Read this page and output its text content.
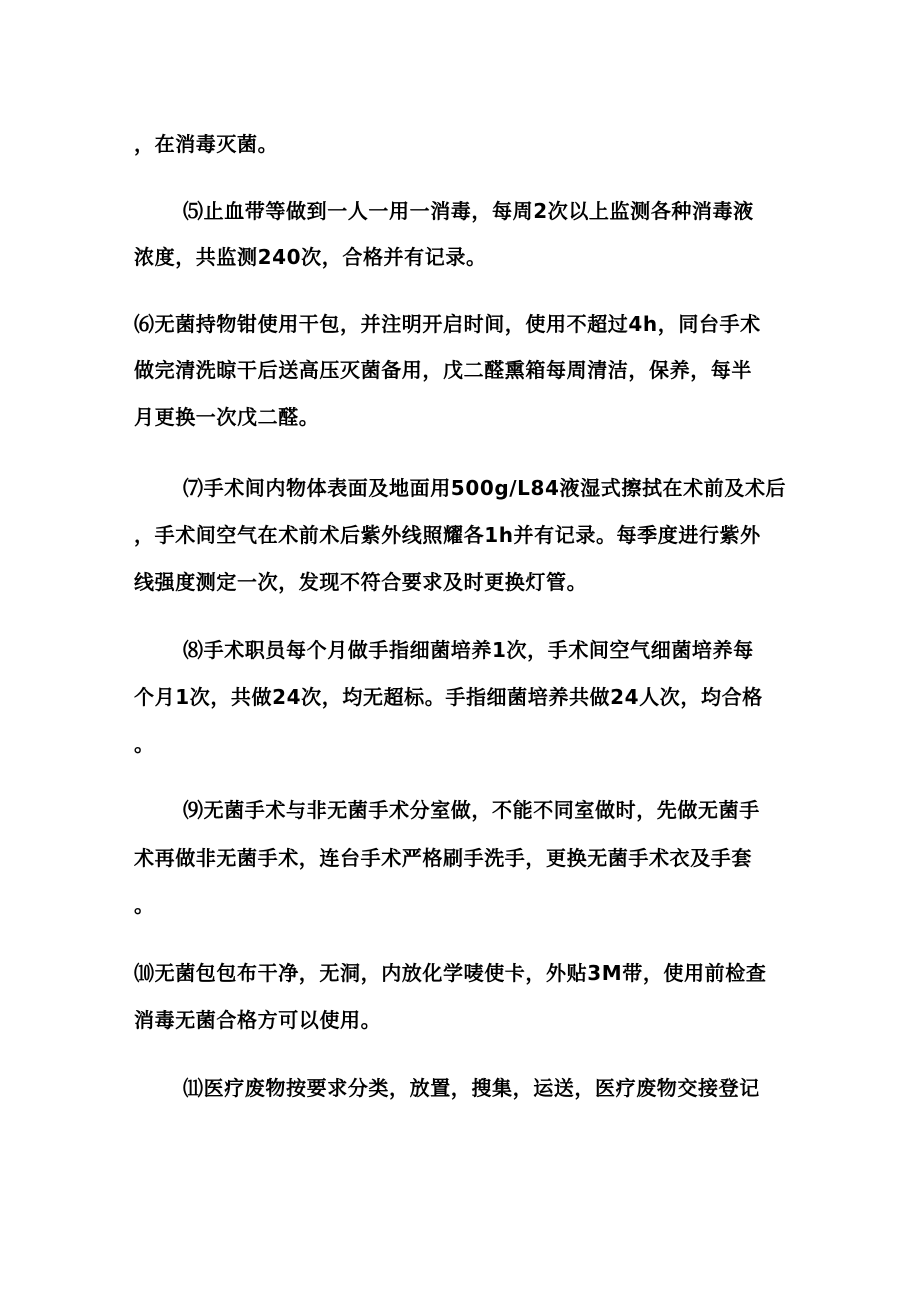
，在消毒灭菌。
⑸止血带等做到一人一用一消毒，每周2次以上监测各种消毒液
浓度，共监测240次，合格并有记录。
⑹无菌持物钳使用干包，并注明开启时间，使用不超过4h，同台手术
做完清洗晾干后送高压灭菌备用，戊二醛熏箱每周清洁，保养，每半
月更换一次戊二醛。
⑺手术间内物体表面及地面用500g/L84液湿式擦拭在术前及术后
，手术间空气在术前术后紫外线照耀各1h并有记录。每季度进行紫外
线强度测定一次，发现不符合要求及时更换灯管。
⑻手术职员每个月做手指细菌培养1次，手术间空气细菌培养每
个月1次，共做24次，均无超标。手指细菌培养共做24人次，均合格
。
⑼无菌手术与非无菌手术分室做，不能不同室做时，先做无菌手
术再做非无菌手术，连台手术严格刷手洗手，更换无菌手术衣及手套
。
⑽无菌包包布干净，无洞，内放化学唛使卡，外贴3M带，使用前检查
消毒无菌合格方可以使用。
⑾医疗废物按要求分类，放置，搜集，运送，医疗废物交接登记
